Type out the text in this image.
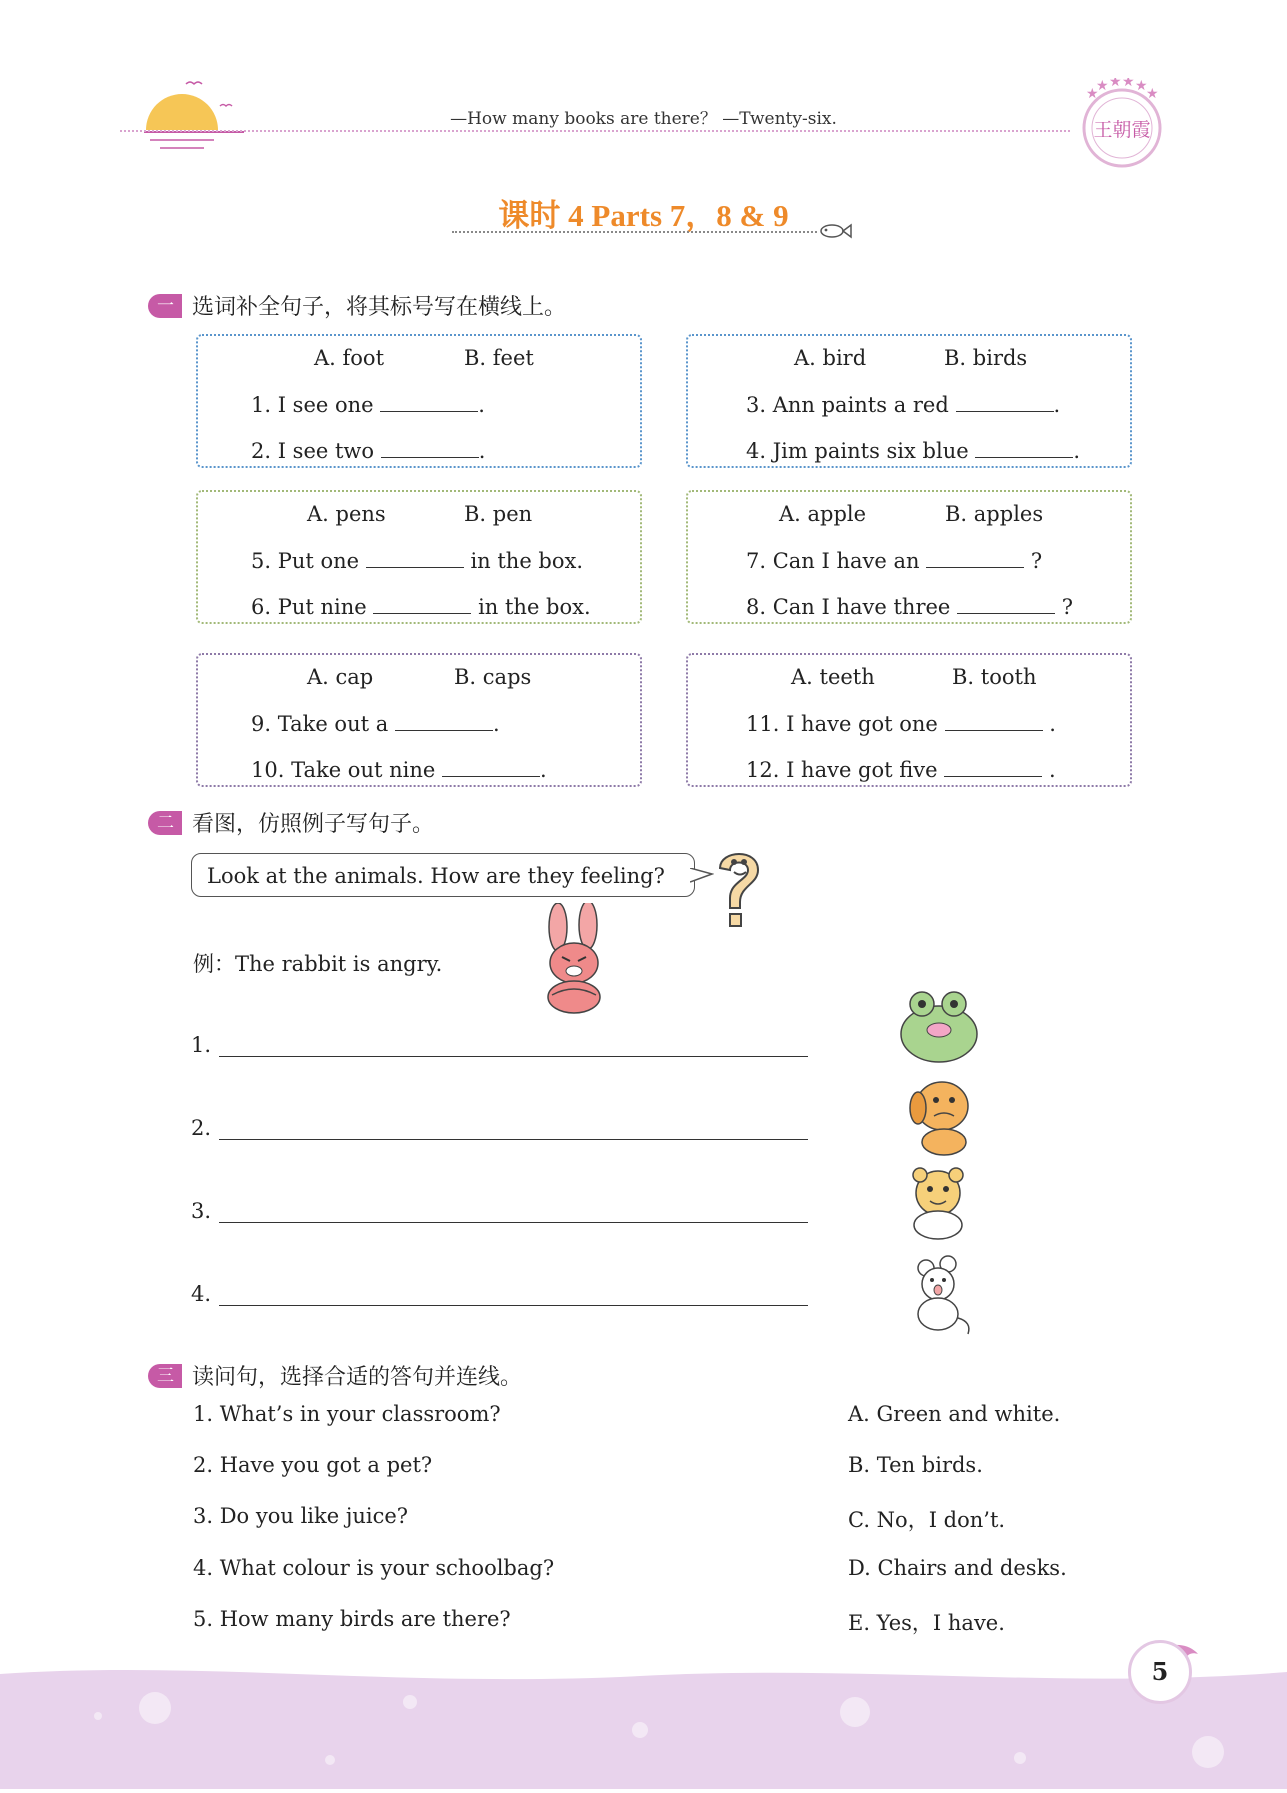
—How many books are there？ —Twenty-six.
★ ★ ★ ★
★	★
王朝霞
课时 4 Parts 7，8 & 9
一 选词补全句子，将其标号写在横线上。
A. foot	B. feet
1. I see one	.
2. I see two	.
A. bird	B. birds
3. Ann paints a red	.
4. Jim paints six blue	.
A. pens	B. pen
5. Put one	in the box.
6. Put nine	in the box.
A. apple	B. apples
7. Can I have an	?
8. Can I have three	?
A. cap	B. caps
9. Take out a	.
10. Take out nine	.
A. teeth	B. tooth
11. I have got one	.
12. I have got five	.
二 看图，仿照例子写句子。
Look at the animals. How are they feeling?
例：The rabbit is angry.
1.
2.
3.
4.
三 读问句，选择合适的答句并连线。
1. What’s in your classroom?
2. Have you got a pet?
3. Do you like juice?
4. What colour is your schoolbag?
5. How many birds are there?
A. Green and white.
B. Ten birds.
C. No，I don’t.
D. Chairs and desks.
E. Yes，I have.
5
